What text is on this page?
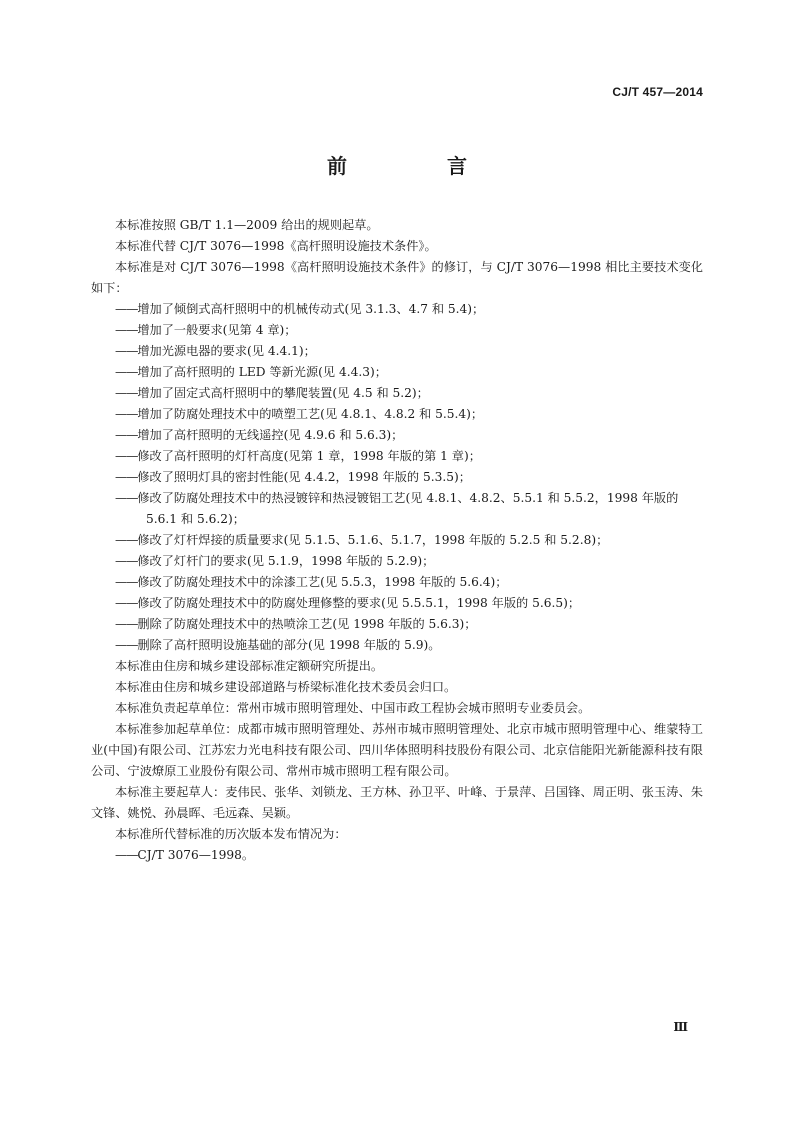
CJ/T 457—2014
前　言

本标准按照 GB/T 1.1—2009 给出的规则起草。

本标准代替 CJ/T 3076—1998《高杆照明设施技术条件》。

本标准是对 CJ/T 3076—1998《高杆照明设施技术条件》的修订，与 CJ/T 3076—1998 相比主要技术变化如下：

——增加了倾倒式高杆照明中的机械传动式(见 3.1.3、4.7 和 5.4)；

——增加了一般要求(见第 4 章)；

——增加光源电器的要求(见 4.4.1)；

——增加了高杆照明的 LED 等新光源(见 4.4.3)；

——增加了固定式高杆照明中的攀爬装置(见 4.5 和 5.2)；

——增加了防腐处理技术中的喷塑工艺(见 4.8.1、4.8.2 和 5.5.4)；

——增加了高杆照明的无线遥控(见 4.9.6 和 5.6.3)；

——修改了高杆照明的灯杆高度(见第 1 章，1998 年版的第 1 章)；

——修改了照明灯具的密封性能(见 4.4.2，1998 年版的 5.3.5)；

——修改了防腐处理技术中的热浸镀锌和热浸镀铝工艺(见 4.8.1、4.8.2、5.5.1 和 5.5.2，1998 年版的 5.6.1 和 5.6.2)；

——修改了灯杆焊接的质量要求(见 5.1.5、5.1.6、5.1.7，1998 年版的 5.2.5 和 5.2.8)；

——修改了灯杆门的要求(见 5.1.9，1998 年版的 5.2.9)；

——修改了防腐处理技术中的涂漆工艺(见 5.5.3，1998 年版的 5.6.4)；

——修改了防腐处理技术中的防腐处理修整的要求(见 5.5.5.1，1998 年版的 5.6.5)；

——删除了防腐处理技术中的热喷涂工艺(见 1998 年版的 5.6.3)；

——删除了高杆照明设施基础的部分(见 1998 年版的 5.9)。

本标准由住房和城乡建设部标准定额研究所提出。

本标准由住房和城乡建设部道路与桥梁标准化技术委员会归口。

本标准负责起草单位：常州市城市照明管理处、中国市政工程协会城市照明专业委员会。

本标准参加起草单位：成都市城市照明管理处、苏州市城市照明管理处、北京市城市照明管理中心、维蒙特工业(中国)有限公司、江苏宏力光电科技有限公司、四川华体照明科技股份有限公司、北京信能阳光新能源科技有限公司、宁波燎原工业股份有限公司、常州市城市照明工程有限公司。

本标准主要起草人：麦伟民、张华、刘锁龙、王方林、孙卫平、叶峰、于景萍、吕国锋、周正明、张玉涛、朱文锋、姚悦、孙晨晖、毛远森、吴颖。

本标准所代替标准的历次版本发布情况为：

——CJ/T 3076—1998。

Ⅲ
